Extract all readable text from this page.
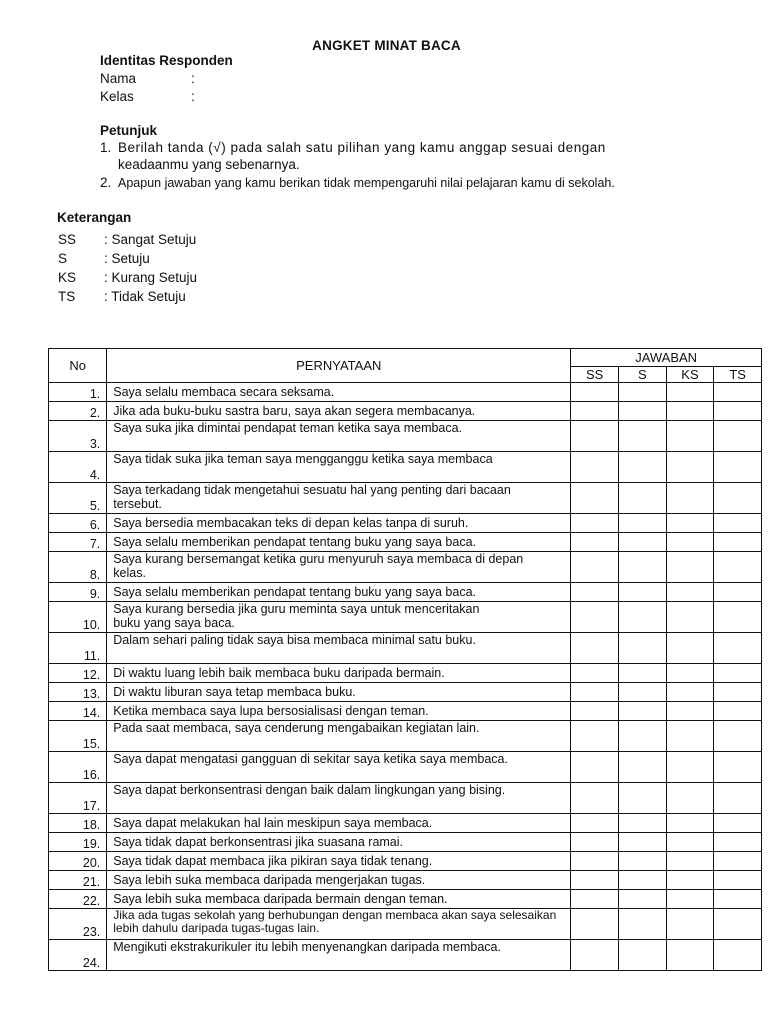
ANGKET MINAT BACA
Identitas Responden
Nama	:
Kelas	:
Petunjuk
1. Berilah tanda (√) pada salah satu pilihan yang kamu anggap sesuai dengan
keadaanmu yang sebenarnya.
2. Apapun jawaban yang kamu berikan tidak mempengaruhi nilai pelajaran kamu di sekolah.
Keterangan
SS : Sangat Setuju
S	: Setuju
KS : Kurang Setuju
TS : Tidak Setuju
No	PERNYATAAN	JAWABAN			
		SS	S	KS	TS
1.	Saya selalu membaca secara seksama.				
2.	Jika ada buku-buku sastra baru, saya akan segera membacanya.				
3.	Saya suka jika dimintai pendapat teman ketika saya membaca.				
4.	Saya tidak suka jika teman saya mengganggu ketika saya membaca				
5.	Saya terkadang tidak mengetahui sesuatu hal yang penting dari bacaan tersebut.				
6.	Saya bersedia membacakan teks di depan kelas tanpa di suruh.				
7.	Saya selalu memberikan pendapat tentang buku yang saya baca.				
8.	Saya kurang bersemangat ketika guru menyuruh saya membaca di depan kelas.				
9.	Saya selalu memberikan pendapat tentang buku yang saya baca.				
10.	Saya kurang bersedia jika guru meminta saya untuk menceritakan buku yang saya baca.				
11.	Dalam sehari paling tidak saya bisa membaca minimal satu buku.				
12.	Di waktu luang lebih baik membaca buku daripada bermain.				
13.	Di waktu liburan saya tetap membaca buku.				
14.	Ketika membaca saya lupa bersosialisasi dengan teman.				
15.	Pada saat membaca, saya cenderung mengabaikan kegiatan lain.				
16.	Saya dapat mengatasi gangguan di sekitar saya ketika saya membaca.				
17.	Saya dapat berkonsentrasi dengan baik dalam lingkungan yang bising.				
18.	Saya dapat melakukan hal lain meskipun saya membaca.				
19.	Saya tidak dapat berkonsentrasi jika suasana ramai.				
20.	Saya tidak dapat membaca jika pikiran saya tidak tenang.				
21.	Saya lebih suka membaca daripada mengerjakan tugas.				
22.	Saya lebih suka membaca daripada bermain dengan teman.				
23.	Jika ada tugas sekolah yang berhubungan dengan membaca akan saya selesaikan lebih dahulu daripada tugas-tugas lain.				
24.	Mengikuti ekstrakurikuler itu lebih menyenangkan daripada membaca.				
